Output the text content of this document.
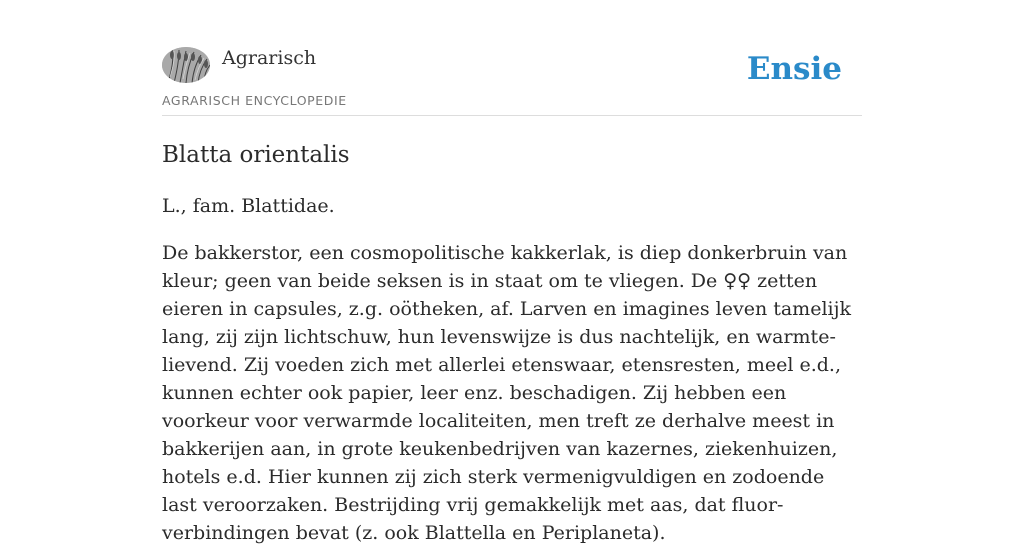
Agrarisch
AGRARISCH ENCYCLOPEDIE
Ensie
Blatta orientalis

L., fam. Blattidae.

De bakkerstor, een cosmopolitische kakkerlak, is diep donkerbruin van kleur; geen van beide seksen is in staat om te vliegen. De ♀♀ zetten eieren in capsules, z.g. oötheken, af. Larven en imagines leven tamelijk lang, zij zijn lichtschuw, hun levenswijze is dus nachtelijk, en warmte-lievend. Zij voeden zich met allerlei etenswaar, etensresten, meel e.d., kunnen echter ook papier, leer enz. beschadigen. Zij hebben een voorkeur voor verwarmde localiteiten, men treft ze derhalve meest in bakkerijen aan, in grote keukenbedrijven van kazernes, ziekenhuizen, hotels e.d. Hier kunnen zij zich sterk vermenigvuldigen en zodoende last veroorzaken. Bestrijding vrij gemakkelijk met aas, dat fluor-verbindingen bevat (z. ook Blattella en Periplaneta).
